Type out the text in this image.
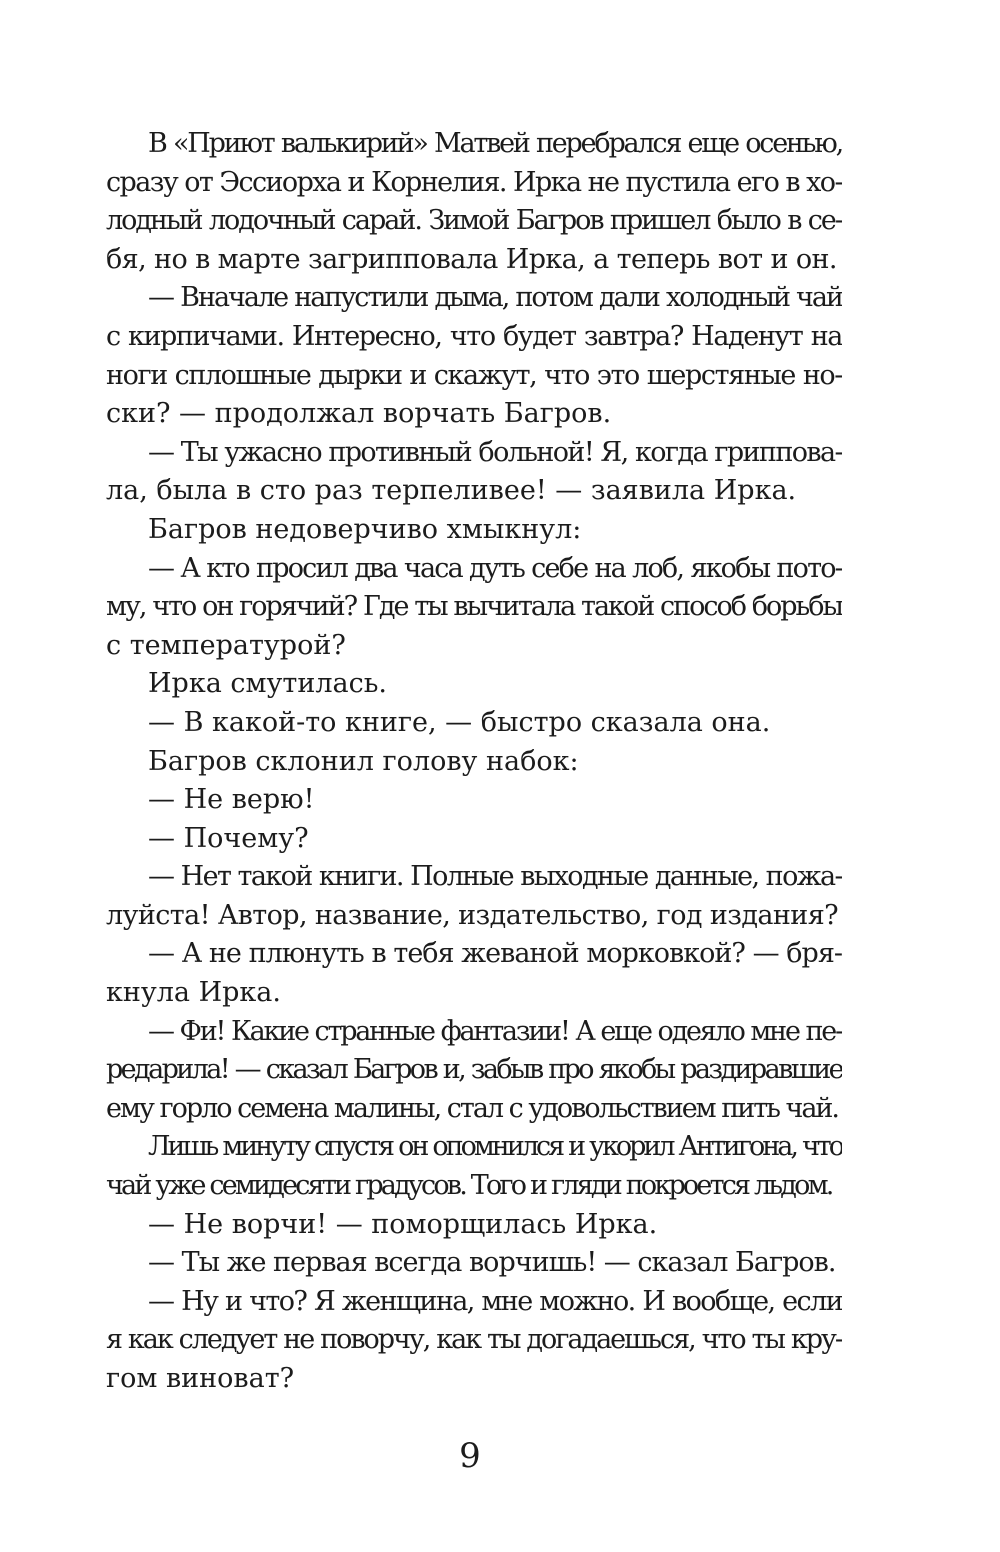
В «Приют валькирий» Матвей перебрался еще осенью,
сразу от Эссиорха и Корнелия. Ирка не пустила его в хо-
лодный лодочный сарай. Зимой Багров пришел было в се-
бя, но в марте загрипповала Ирка, а теперь вот и он.
— Вначале напустили дыма, потом дали холодный чай
с кирпичами. Интересно, что будет завтра? Наденут на
ноги сплошные дырки и скажут, что это шерстяные но-
ски? — продолжал ворчать Багров.
— Ты ужасно противный больной! Я, когда гриппова-
ла, была в сто раз терпеливее! — заявила Ирка.
Багров недоверчиво хмыкнул:
— А кто просил два часа дуть себе на лоб, якобы пото-
му, что он горячий? Где ты вычитала такой способ борьбы
с температурой?
Ирка смутилась.
— В какой-то книге, — быстро сказала она.
Багров склонил голову набок:
— Не верю!
— Почему?
— Нет такой книги. Полные выходные данные, пожа-
луйста! Автор, название, издательство, год издания?
— А не плюнуть в тебя жеваной морковкой? — бря-
кнула Ирка.
— Фи! Какие странные фантазии! А еще одеяло мне пе-
редарила! — сказал Багров и, забыв про якобы раздиравшие
ему горло семена малины, стал с удовольствием пить чай.
Лишь минуту спустя он опомнился и укорил Антигона, что
чай уже семидесяти градусов. Того и гляди покроется льдом.
— Не ворчи! — поморщилась Ирка.
— Ты же первая всегда ворчишь! — сказал Багров.
— Ну и что? Я женщина, мне можно. И вообще, если
я как следует не поворчу, как ты догадаешься, что ты кру-
гом виноват?
9
